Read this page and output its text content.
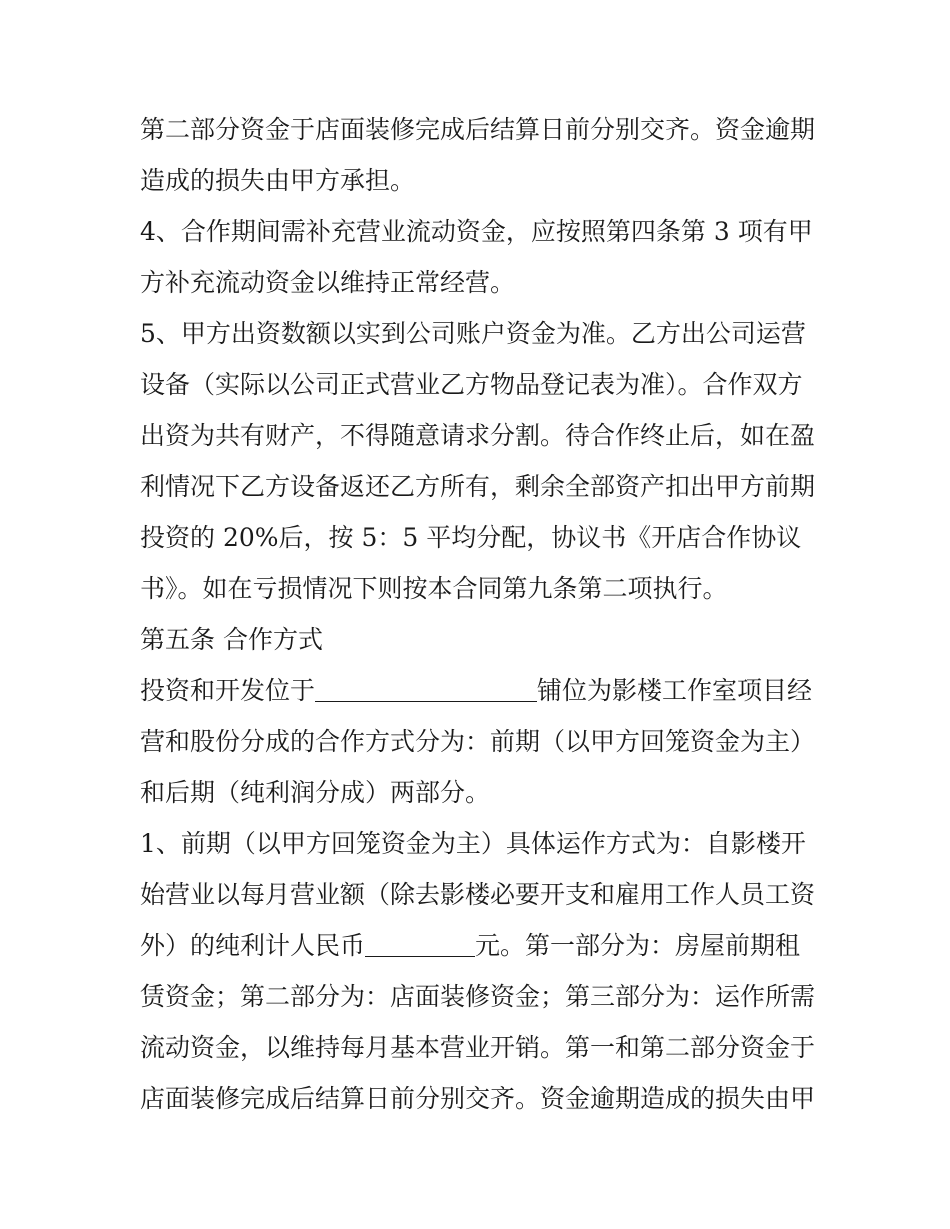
第二部分资金于店面装修完成后结算日前分别交齐。资金逾期
造成的损失由甲方承担。
4、合作期间需补充营业流动资金，应按照第四条第 3 项有甲
方补充流动资金以维持正常经营。
5、甲方出资数额以实到公司账户资金为准。乙方出公司运营
设备（实际以公司正式营业乙方物品登记表为准）。合作双方
出资为共有财产，不得随意请求分割。待合作终止后，如在盈
利情况下乙方设备返还乙方所有，剩余全部资产扣出甲方前期
投资的 20%后，按 5：5 平均分配，协议书《开店合作协议
书》。如在亏损情况下则按本合同第九条第二项执行。
第五条 合作方式
投资和开发位于	铺位为影楼工作室项目经
营和股份分成的合作方式分为：前期（以甲方回笼资金为主）
和后期（纯利润分成）两部分。
1、前期（以甲方回笼资金为主）具体运作方式为：自影楼开
始营业以每月营业额（除去影楼必要开支和雇用工作人员工资
外）的纯利计人民币	元。第一部分为：房屋前期租
赁资金；第二部分为：店面装修资金；第三部分为：运作所需
流动资金，以维持每月基本营业开销。第一和第二部分资金于
店面装修完成后结算日前分别交齐。资金逾期造成的损失由甲
